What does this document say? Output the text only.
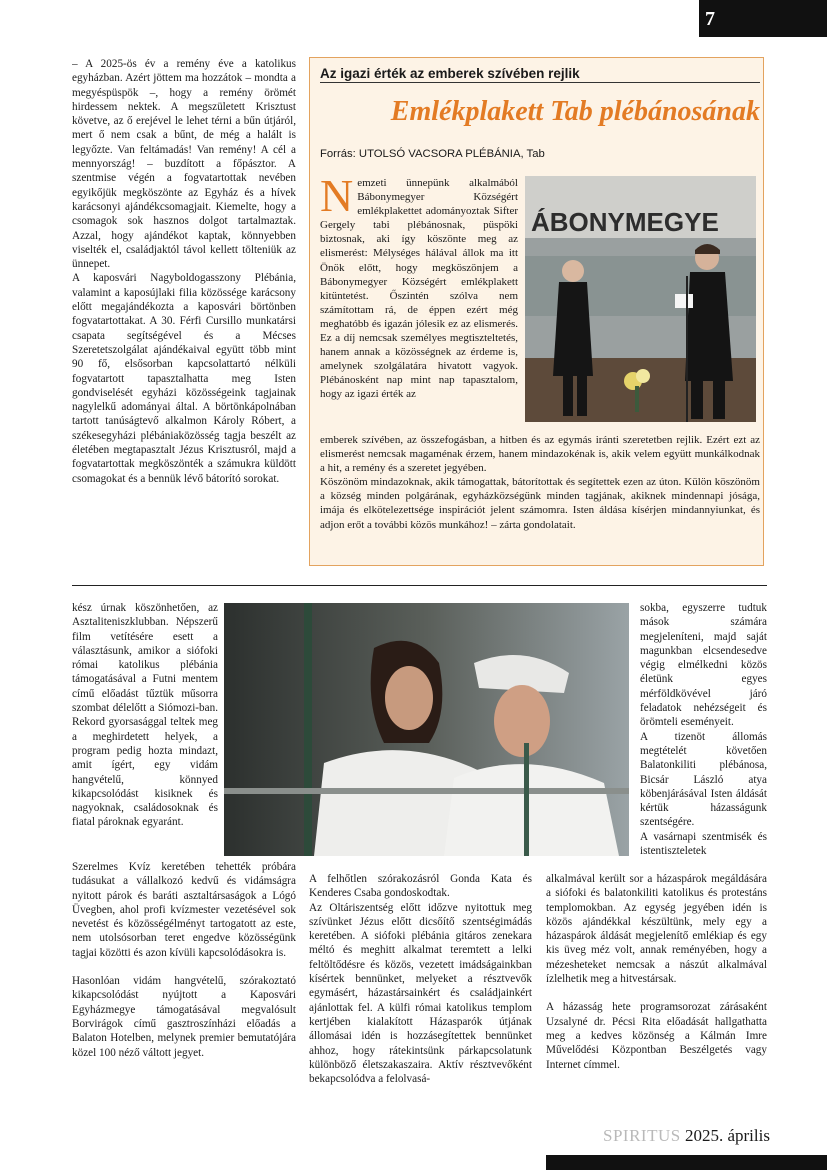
7

– A 2025-ös év a remény éve a katolikus egyházban. Azért jöttem ma hozzátok – mondta a megyéspüspök –, hogy a remény örömét hirdessem nektek. A megszületett Krisztust követve, az ő erejével le lehet térni a bűn útjáról, mert ő nem csak a bűnt, de még a halált is legyőzte. Van feltámadás! Van remény! A cél a mennyország! – buzdított a főpásztor. A szentmise végén a fogvatartottak nevében egyikőjük megköszönte az Egyház és a hívek karácsonyi ajándékcsomagjait. Kiemelte, hogy a csomagok sok hasznos dolgot tartalmaztak. Azzal, hogy ajándékot kaptak, könnyebben viselték el, családjaktól távol kellett tölteniük az ünnepet.

A kaposvári Nagyboldogasszony Plébánia, valamint a kaposújlaki filia közössége karácsony előtt megajándékozta a kaposvári börtönben fogvatartottakat. A 30. Férfi Cursillo munkatársi csapata segítségével és a Mécses Szeretetszolgálat ajándékaival együtt több mint 90 fő, elsősorban kapcsolattartó nélküli fogvatartott tapasztalhatta meg Isten gondviselését egyházi közösségeink tagjainak nagylelkű adományai által. A börtönkápolnában tartott tanúságtevő alkalmon Károly Róbert, a székesegyházi plébániaközösség tagja beszélt az életében megtapasztalt Jézus Krisztusról, majd a fogvatartottak megköszönték a számukra küldött csomagokat és a bennük lévő bátorító sorokat.

Az igazi érték az emberek szívében rejlik
Emlékplakett Tab plébánosának
Forrás: UTOLSÓ VACSORA PLÉBÁNIA, Tab

Nemzeti ünnepünk alkalmából Bábonymegyer Községért emlékplakettet adományoztak Sifter Gergely tabi plébánosnak, püspöki biztosnak, aki így köszönte meg az elismerést: Mélységes hálával állok ma itt Önök előtt, hogy megköszönjem a Bábonymegyer Községért emlékplakett kitüntetést. Őszintén szólva nem számítottam rá, de éppen ezért még meghatóbb és igazán jólesik ez az elismerés. Ez a díj nemcsak személyes megtiszteltetés, hanem annak a közösségnek az érdeme is, amelynek szolgálatára hivatott vagyok. Plébánosként nap mint nap tapasztalom, hogy az igazi érték az

ÁBONYMEGYE

emberek szívében, az összefogásban, a hitben és az egymás iránti szeretetben rejlik. Ezért ezt az elismerést nemcsak magaménak érzem, hanem mindazokénak is, akik velem együtt munkálkodnak a hit, a remény és a szeretet jegyében.

Köszönöm mindazoknak, akik támogattak, bátorítottak és segítettek ezen az úton. Külön köszönöm a község minden polgárának, egyházközségünk minden tagjának, akiknek mindennapi jósága, imája és elkötelezettsége inspirációt jelent számomra. Isten áldása kísérjen mindannyiunkat, és adjon erőt a további közös munkához! – zárta gondolatait.

kész úrnak köszönhetően, az Asztaliteniszklubban. Népszerű film vetítésére esett a választásunk, amikor a siófoki római katolikus plébánia támogatásával a Futni mentem című előadást tűztük műsorra szombat délelőtt a Siómozi-ban. Rekord gyorsasággal teltek meg a meghirdetett helyek, a program pedig hozta mindazt, amit ígért, egy vidám hangvételű, könnyed kikapcsolódást kisiknek és nagyoknak, családosoknak és fiatal pároknak egyaránt.

Szerelmes Kvíz keretében tehették próbára tudásukat a vállalkozó kedvű és vidámságra nyitott párok és baráti asztaltársaságok a Lógó Üvegben, ahol profi kvízmester vezetésével sok nevetést és közösségélményt tartogatott az este, nem utolsósorban teret engedve közösségünk tagjai közötti és azon kívüli kapcsolódásokra is.

Hasonlóan vidám hangvételű, szórakoztató kikapcsolódást nyújtott a Kaposvári Egyházmegye támogatásával megvalósult Borvirágok című gasztroszínházi előadás a Balaton Hotelben, melynek premier bemutatójára közel 100 néző váltott jegyet.

A felhőtlen szórakozásról Gonda Kata és Kenderes Csaba gondoskodtak.

Az Oltáriszentség előtt időzve nyitottuk meg szívünket Jézus előtt dicsőítő szentségimádás keretében. A siófoki plébánia gitáros zenekara méltó és meghitt alkalmat teremtett a lelki feltöltődésre és közös, vezetett imádságainkban kísértek bennünket, melyeket a résztvevők egymásért, házastársainkért és családjainkért ajánlottak fel. A külfi római katolikus templom kertjében kialakított Házasparók útjának állomásai idén is hozzásegítettek bennünket ahhoz, hogy rátekintsünk párkapcsolatunk különböző életszakaszaira. Aktív résztvevőként bekapcsolódva a felolvasá-

sokba, egyszerre tudtuk mások számára megjeleníteni, majd saját magunkban elcsendesedve végig elmélkedni közös életünk egyes mérföldkövével járó feladatok nehézségeit és örömteli eseményeit.

A tizenöt állomás megtételét követően Balatonkiliti plébánosa, Bicsár László atya köbenjárásával Isten áldását kértük házasságunk szentségére.

A vasárnapi szentmisék és istentiszteletek

alkalmával került sor a házaspárok megáldására a siófoki és balatonkiliti katolikus és protestáns templomokban. Az egység jegyében idén is közös ajándékkal készültünk, mely egy a házaspárok áldását megjelenítő emlékiap és egy kis üveg méz volt, annak reményében, hogy a mézesheteket nemcsak a nászút alkalmával ízlelhetik meg a hitvestársak.

A házasság hete programsorozat zárásaként Uzsalyné dr. Pécsi Rita előadását hallgathatta meg a kedves közönség a Kálmán Imre Művelődési Központban Beszélgetés vagy Internet címmel.

SPIRITUS 2025. április
